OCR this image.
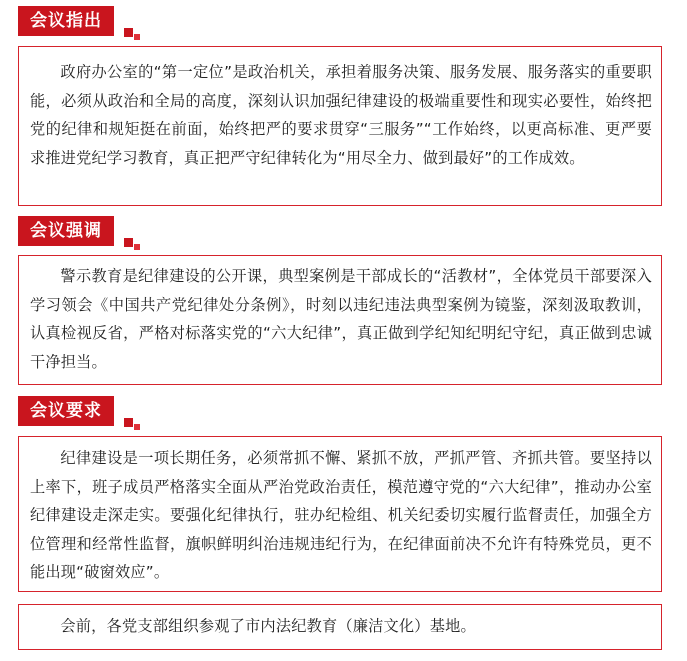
会议指出

政府办公室的“第一定位”是政治机关，承担着服务决策、服务发展、服务落实的重要职能，必须从政治和全局的高度，深刻认识加强纪律建设的极端重要性和现实必要性，始终把党的纪律和规矩挺在前面，始终把严的要求贯穿“三服务”“工作始终，以更高标准、更严要求推进党纪学习教育，真正把严守纪律转化为“用尽全力、做到最好”的工作成效。

会议强调

警示教育是纪律建设的公开课，典型案例是干部成长的“活教材”，全体党员干部要深入学习领会《中国共产党纪律处分条例》，时刻以违纪违法典型案例为镜鉴，深刻汲取教训，认真检视反省，严格对标落实党的“六大纪律”，真正做到学纪知纪明纪守纪，真正做到忠诚干净担当。

会议要求

纪律建设是一项长期任务，必须常抓不懈、紧抓不放，严抓严管、齐抓共管。要坚持以上率下，班子成员严格落实全面从严治党政治责任，模范遵守党的“六大纪律”，推动办公室纪律建设走深走实。要强化纪律执行，驻办纪检组、机关纪委切实履行监督责任，加强全方位管理和经常性监督，旗帜鲜明纠治违规违纪行为，在纪律面前决不允许有特殊党员，更不能出现“破窗效应”。

会前，各党支部组织参观了市内法纪教育（廉洁文化）基地。
